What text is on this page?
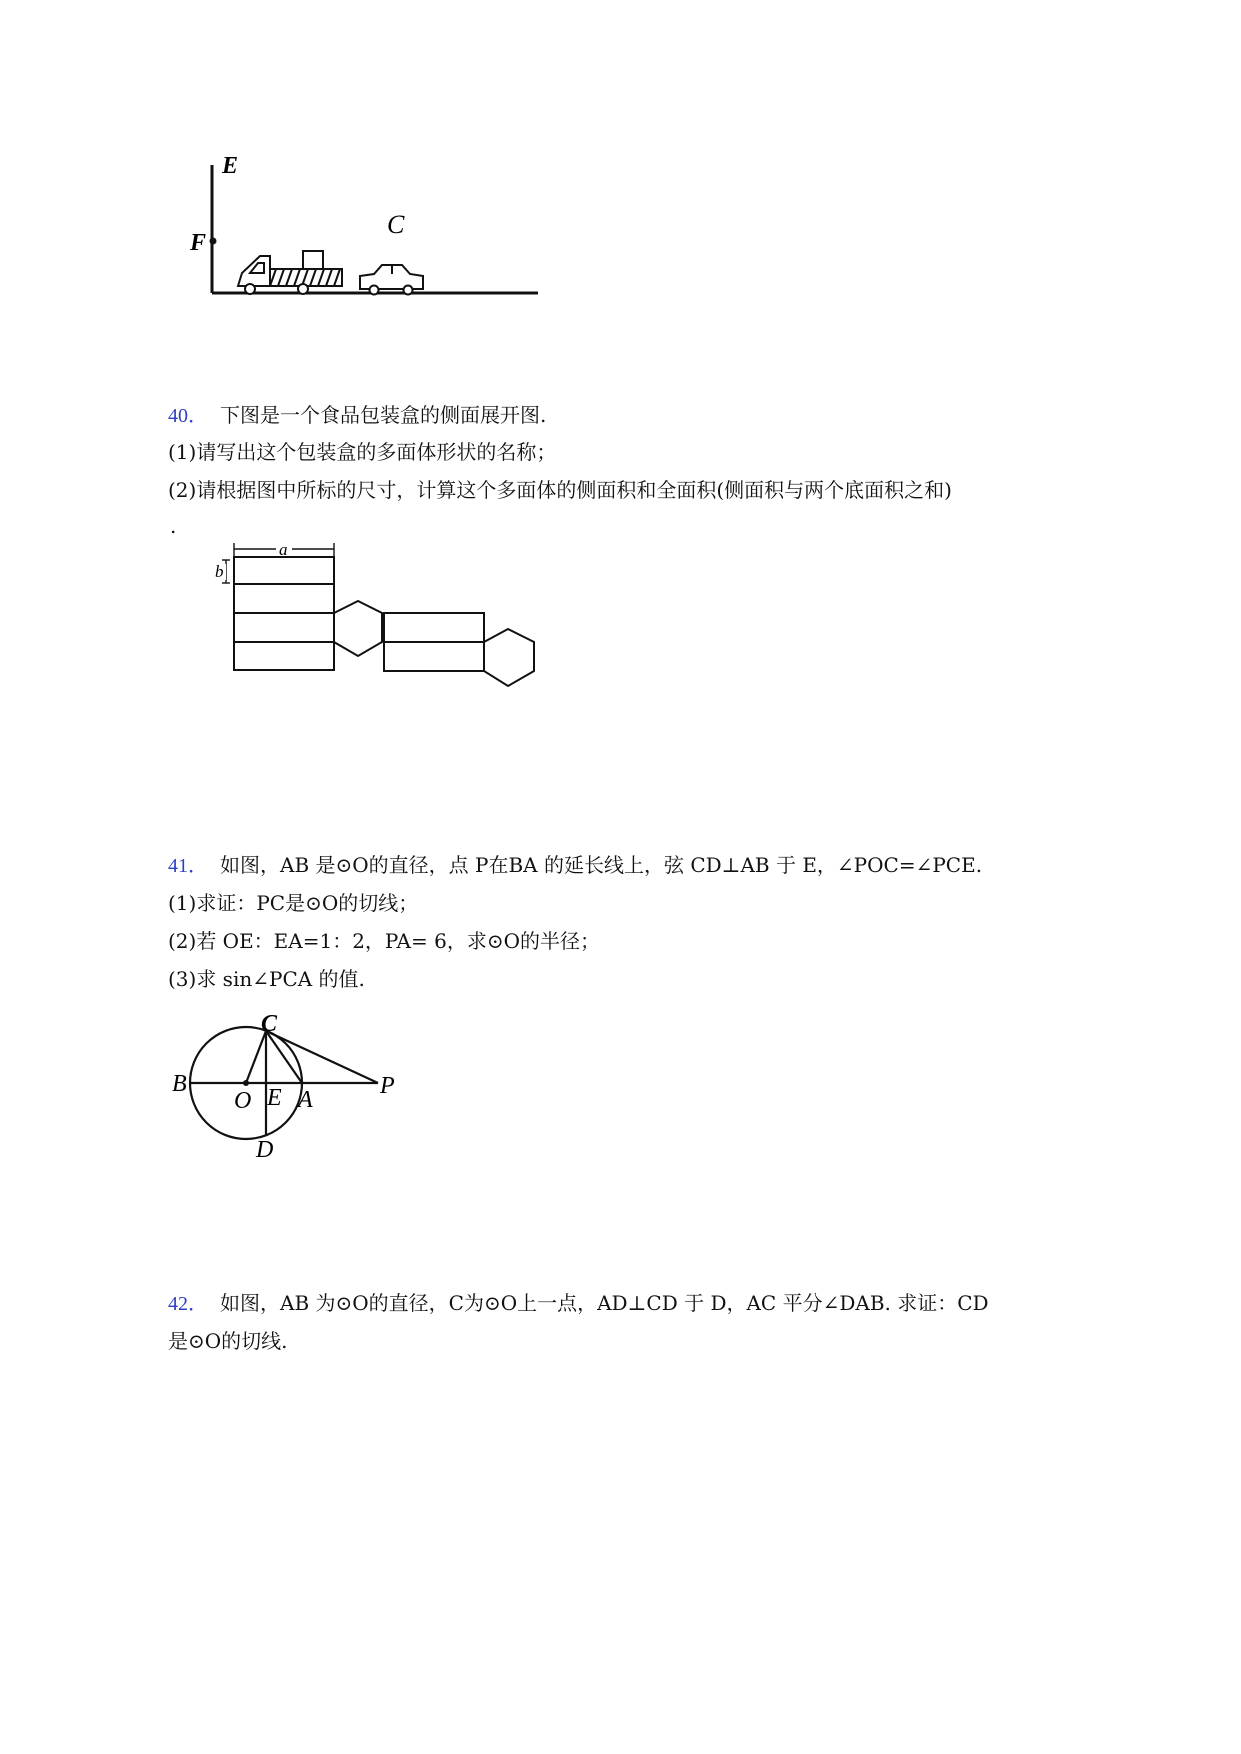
E
F
C
40． 下图是一个食品包装盒的侧面展开图.
(1)请写出这个包装盒的多面体形状的名称；
(2)请根据图中所标的尺寸，计算这个多面体的侧面积和全面积(侧面积与两个底面积之和)
.
a
b
41． 如图，AB 是⊙O的直径，点 P在BA 的延长线上，弦 CD⊥AB 于 E，∠POC=∠PCE.
(1)求证：PC是⊙O的切线；
(2)若 OE：EA=1：2，PA= 6，求⊙O的半径；
(3)求 sin∠PCA 的值.
C
B
O E A
P
D
42． 如图，AB 为⊙O的直径，C为⊙O上一点，AD⊥CD 于 D，AC 平分∠DAB. 求证：CD
是⊙O的切线.
